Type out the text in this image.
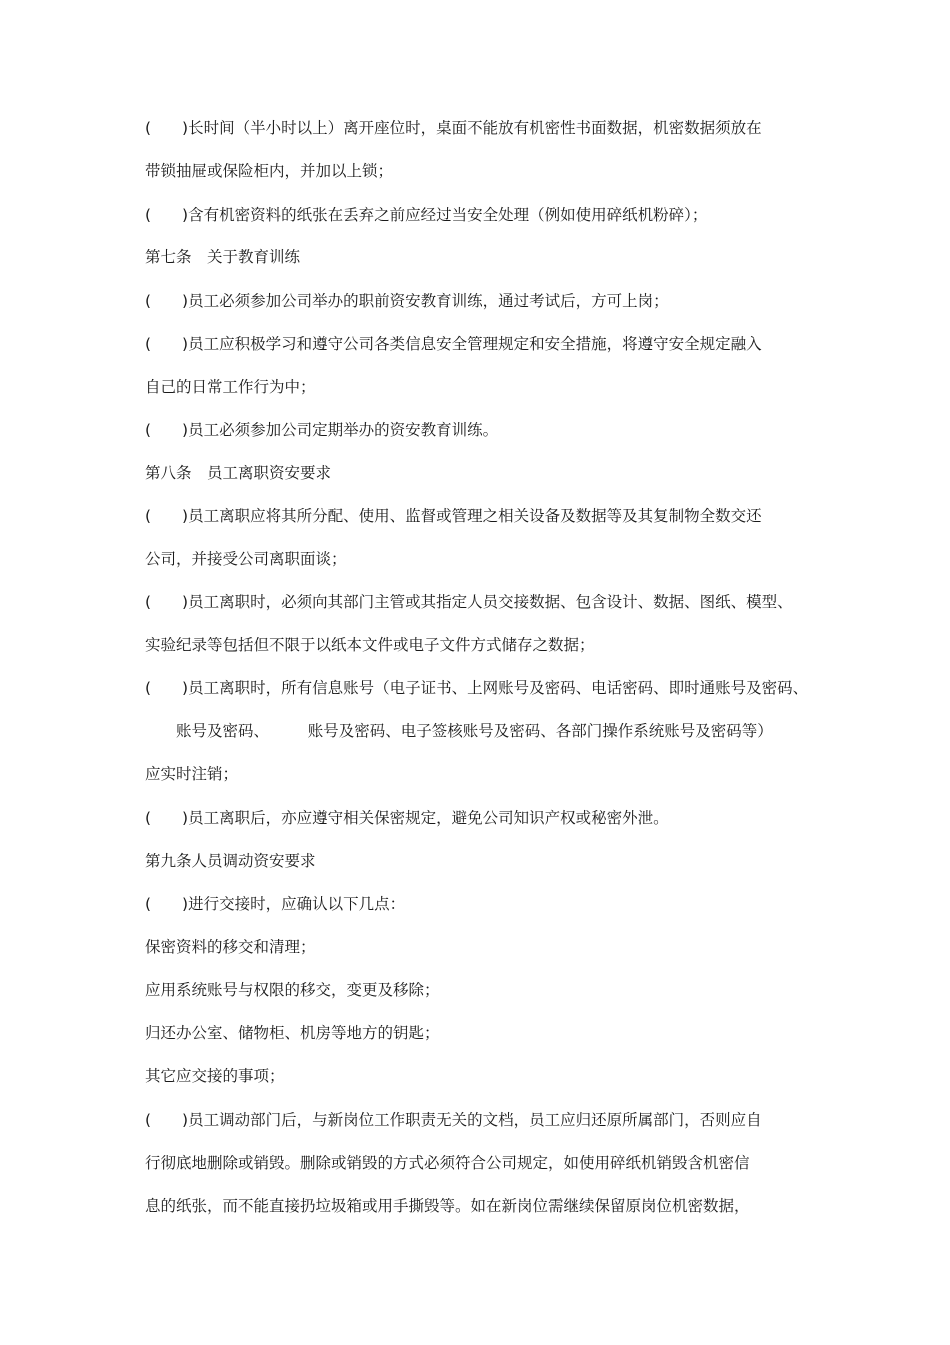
(　　)长时间（半小时以上）离开座位时，桌面不能放有机密性书面数据，机密数据须放在
带锁抽屉或保险柜内，并加以上锁；
(　　)含有机密资料的纸张在丢弃之前应经过当安全处理（例如使用碎纸机粉碎）；
第七条　关于教育训练
(　　)员工必须参加公司举办的职前资安教育训练，通过考试后，方可上岗；
(　　)员工应积极学习和遵守公司各类信息安全管理规定和安全措施，将遵守安全规定融入
自己的日常工作行为中；
(　　)员工必须参加公司定期举办的资安教育训练。
第八条　员工离职资安要求
(　　)员工离职应将其所分配、使用、监督或管理之相关设备及数据等及其复制物全数交还
公司，并接受公司离职面谈；
(　　)员工离职时，必须向其部门主管或其指定人员交接数据、包含设计、数据、图纸、模型、
实验纪录等包括但不限于以纸本文件或电子文件方式储存之数据；
(　　)员工离职时，所有信息账号（电子证书、上网账号及密码、电话密码、即时通账号及密码、
　　账号及密码、　　　账号及密码、电子签核账号及密码、各部门操作系统账号及密码等）
应实时注销；
(　　)员工离职后，亦应遵守相关保密规定，避免公司知识产权或秘密外泄。
第九条人员调动资安要求
(　　)进行交接时，应确认以下几点：
保密资料的移交和清理；
应用系统账号与权限的移交，变更及移除；
归还办公室、储物柜、机房等地方的钥匙；
其它应交接的事项；
(　　)员工调动部门后，与新岗位工作职责无关的文档，员工应归还原所属部门，否则应自
行彻底地删除或销毁。删除或销毁的方式必须符合公司规定，如使用碎纸机销毁含机密信
息的纸张，而不能直接扔垃圾箱或用手撕毁等。如在新岗位需继续保留原岗位机密数据，
